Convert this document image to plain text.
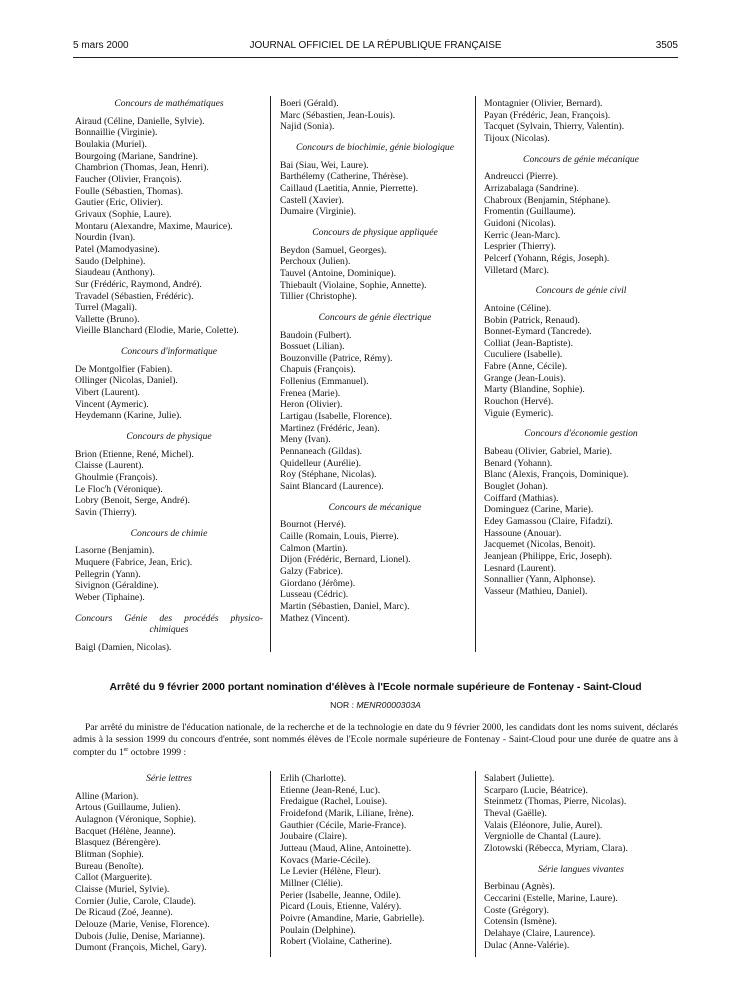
5 mars 2000	JOURNAL OFFICIEL DE LA RÉPUBLIQUE FRANÇAISE	3505
Concours de mathématiques
Airaud (Céline, Danielle, Sylvie).
Bonnaillie (Virginie).
Boulakia (Muriel).
Bourgoing (Mariane, Sandrine).
Chambrion (Thomas, Jean, Henri).
Faucher (Olivier, François).
Foulle (Sébastien, Thomas).
Gautier (Eric, Olivier).
Grivaux (Sophie, Laure).
Montaru (Alexandre, Maxime, Maurice).
Nourdin (Ivan).
Patel (Mamodyasine).
Saudo (Delphine).
Siaudeau (Anthony).
Sur (Frédéric, Raymond, André).
Travadel (Sébastien, Frédéric).
Turrel (Magali).
Vallette (Bruno).
Vieille Blanchard (Elodie, Marie, Colette).
Concours d'informatique
De Montgolfier (Fabien).
Ollinger (Nicolas, Daniel).
Vibert (Laurent).
Vincent (Aymeric).
Heydemann (Karine, Julie).
Concours de physique
Brion (Etienne, René, Michel).
Claisse (Laurent).
Ghoulmie (François).
Le Floc'h (Véronique).
Lobry (Benoit, Serge, André).
Savin (Thierry).
Concours de chimie
Lasorne (Benjamin).
Muquere (Fabrice, Jean, Eric).
Pellegrin (Yann).
Sivignon (Géraldine).
Weber (Tiphaine).
Concours Génie des procédés physico-chimiques
Baigl (Damien, Nicolas).
Boeri (Gérald).
Marc (Sébastien, Jean-Louis).
Najid (Sonia).
Concours de biochimie, génie biologique
Bai (Siau, Wei, Laure).
Barthélemy (Catherine, Thérèse).
Caillaud (Laetitia, Annie, Pierrette).
Castell (Xavier).
Dumaire (Virginie).
Concours de physique appliquée
Beydon (Samuel, Georges).
Perchoux (Julien).
Tauvel (Antoine, Dominique).
Thiebault (Violaine, Sophie, Annette).
Tillier (Christophe).
Concours de génie électrique
Baudoin (Fulbert).
Bossuet (Lilian).
Bouzonville (Patrice, Rémy).
Chapuis (François).
Follenius (Emmanuel).
Frenea (Marie).
Heron (Olivier).
Lartigau (Isabelle, Florence).
Martinez (Frédéric, Jean).
Meny (Ivan).
Pennaneach (Gildas).
Quidelleur (Aurélie).
Roy (Stéphane, Nicolas).
Saint Blancard (Laurence).
Concours de mécanique
Bournot (Hervé).
Caille (Romain, Louis, Pierre).
Calmon (Martin).
Dijon (Frédéric, Bernard, Lionel).
Galzy (Fabrice).
Giordano (Jérôme).
Lusseau (Cédric).
Martin (Sébastien, Daniel, Marc).
Mathez (Vincent).
Montagnier (Olivier, Bernard).
Payan (Frédéric, Jean, François).
Tacquet (Sylvain, Thierry, Valentin).
Tijoux (Nicolas).
Concours de génie mécanique
Andreucci (Pierre).
Arrizabalaga (Sandrine).
Chabroux (Benjamin, Stéphane).
Fromentin (Guillaume).
Guidoni (Nicolas).
Kerric (Jean-Marc).
Lesprier (Thierry).
Pelcerf (Yohann, Régis, Joseph).
Villetard (Marc).
Concours de génie civil
Antoine (Céline).
Bobin (Patrick, Renaud).
Bonnet-Eymard (Tancrede).
Colliat (Jean-Baptiste).
Cuculiere (Isabelle).
Fabre (Anne, Cécile).
Grange (Jean-Louis).
Marty (Blandine, Sophie).
Rouchon (Hervé).
Viguie (Eymeric).
Concours d'économie gestion
Babeau (Olivier, Gabriel, Marie).
Benard (Yohann).
Blanc (Alexis, François, Dominique).
Bouglet (Johan).
Coiffard (Mathias).
Dominguez (Carine, Marie).
Edey Gamassou (Claire, Fifadzi).
Hassoune (Anouar).
Jacquemet (Nicolas, Benoit).
Jeanjean (Philippe, Eric, Joseph).
Lesnard (Laurent).
Sonnallier (Yann, Alphonse).
Vasseur (Mathieu, Daniel).
Arrêté du 9 février 2000 portant nomination d'élèves à l'Ecole normale supérieure de Fontenay - Saint-Cloud
NOR : MENR0000303A
Par arrêté du ministre de l'éducation nationale, de la recherche et de la technologie en date du 9 février 2000, les candidats dont les noms suivent, déclarés admis à la session 1999 du concours d'entrée, sont nommés élèves de l'Ecole normale supérieure de Fontenay - Saint-Cloud pour une durée de quatre ans à compter du 1er octobre 1999 :
Série lettres
Alline (Marion).
Artous (Guillaume, Julien).
Aulagnon (Véronique, Sophie).
Bacquet (Hélène, Jeanne).
Blasquez (Bérengère).
Blitman (Sophie).
Bureau (Benoîte).
Callot (Marguerite).
Claisse (Muriel, Sylvie).
Cornier (Julie, Carole, Claude).
De Ricaud (Zoé, Jeanne).
Delouze (Marie, Venise, Florence).
Dubois (Julie, Denise, Marianne).
Dumont (François, Michel, Gary).
Erlih (Charlotte).
Etienne (Jean-René, Luc).
Fredaigue (Rachel, Louise).
Froidefond (Marik, Liliane, Irène).
Gauthier (Cécile, Marie-France).
Joubaire (Claire).
Jutteau (Maud, Aline, Antoinette).
Kovacs (Marie-Cécile).
Le Levier (Hélène, Fleur).
Millner (Clélie).
Perier (Isabelle, Jeanne, Odile).
Picard (Louis, Etienne, Valéry).
Poivre (Amandine, Marie, Gabrielle).
Poulain (Delphine).
Robert (Violaine, Catherine).
Salabert (Juliette).
Scarparo (Lucie, Béatrice).
Steinmetz (Thomas, Pierre, Nicolas).
Theval (Gaëlle).
Valais (Eléonore, Julie, Aurel).
Vergniolle de Chantal (Laure).
Zlotowski (Rébecca, Myriam, Clara).
Série langues vivantes
Berbinau (Agnès).
Ceccarini (Estelle, Marine, Laure).
Coste (Grégory).
Cotensin (Ismène).
Delahaye (Claire, Laurence).
Dulac (Anne-Valérie).
